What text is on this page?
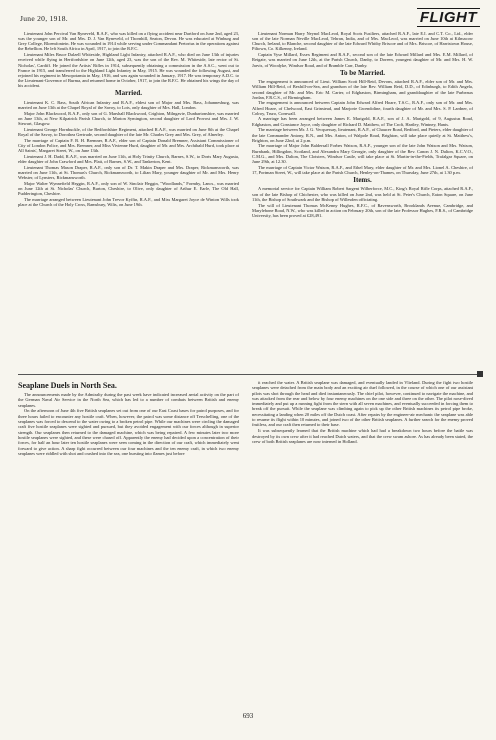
June 20, 1918.	FLIGHT

Lieutenant John Percival Van Ryneveld, R.A.F., who was killed on a flying accident near Dartford on June 2nd, aged 23, was the younger son of Mr. and Mrs. D. J. Van Ryneveld, of Thornhill, Seaton, Devon. He was educated at Winburg and Grey College, Bloemfontein. He was wounded in 1914 while serving under Commandant Pretorius in the operations against the Rebellion. He left South Africa in April, 1917, to join the R.F.C.

Lieutenant Miles Bruce Dalzell Whiteside, Highland Light Infantry, attached R.A.F., who died on June 13th of injuries received while flying in Hertfordshire on June 12th, aged 23, was the son of the Rev. M. Whiteside, late rector of St. Nicholas', Cardiff. He joined the Artists' Rifles in 1914, subsequently obtaining a commission in the A.S.C., went out to France in 1915, and transferred to the Highland Light Infantry in May, 1915. He was wounded the following August, and rejoined his regiment in Mesopotamia in May, 1916, and was again wounded in January, 1917. He was temporary A.D.C. to the Lieutenant-Governor of Burma, and returned home in October, 1917, to join the R.F.C. He obtained his wings the day of his accident.

Married.

Lieutenant K. C. Bass, South African Infantry and R.A.F., eldest son of Major and Mrs. Bass, Johannesburg, was married on June 13th at the Chapel Royal of the Savoy, to Lois, only daughter of Mrs. Hall, London.

Major John Blackwood, R.A.F., only son of G. Marshall Blackwood, Crighton, Milngavie, Dunbartonshire, was married on June 13th, at New Kilpatrick Parish Church, to Marion Symington, second daughter of Lord Provost and Mrs. J. W. Stewart, Glasgow.

Lieutenant George Hornbuckle, of the Bedfordshire Regiment, attached R.A.F., was married on June 8th at the Chapel Royal of the Savoy, to Dorothea Gertrude, second daughter of the late Mr. Charles Grey and Mrs. Grey, of Alnerley.

The marriage of Captain F. B. H. Bremner, R.A.F., elder son of Captain Donald Bremner, Assistant Commissioner of City of London Police, and Mrs. Bremner, and Miss Vivienne Hurd, daughter of Mr. and Mrs. Archibald Hurd, took place at All Saints', Margaret Street, W., on June 13th.

Lieutenant J. H. Dadd, R.A.F., was married on June 11th, at Holy Trinity Church, Barnes, S.W., to Doris Mary Augusta, elder daughter of John Crawford and Mrs. Platt, of Barnes, S.W., and Tankerton, Kent.

Lieutenant Thomas Mason Draper, R.A.F., only son of Dr. T. Makin Draper and Mrs. Draper, Rickmansworth, was married on June 11th, at St. Thomas's Church, Rickmansworth, to Lilian Mary, younger daughter of Mr. and Mrs. Henry Webster, of Lynsters, Rickmansworth.

Major Walter Wynnefield Heggin, R.A.F., only son of W. Sinclair Heggin, "Woodlands," Formby, Lancs., was married on June 12th at St. Nicholas' Church, Burton, Cheshire, to Olive, only daughter of Arthur E. Earle, The Old Hall, Pudderington, Cheshire.

The marriage arranged between Lieutenant John Trevor Kyffin, R.A.F., and Miss Margaret Joyce de Winton Wills took place at the Church of the Holy Cross, Ramsbury, Wilts, on June 19th.

Lieutenant Norman Harry Neynol MacLeod, Royal Scots Fusiliers, attached R.A.F., late E.I. and C.T. Co., Ltd., elder son of the late Norman Neville MacLeod, Tehran, India, and of Mrs. MacLeod, was married on June 10th at Kilmacow Church, Ireland, to Blanche, second daughter of the late Edward Whitby Briscoe and of Mrs. Briscoe, of Harristown House, Piltown, Co. Kilkenny, Ireland.

Captain Vyse Millard, Essex Regiment and R.A.F., second son of the late Edward Millard and Mrs. E.M. Millard, of Reigate, was married on June 12th, at the Parish Church, Danby, to Doreen, youngest daughter of Mr. and Mrs. H. W. Jarvis, of Woodyke, Windsor Road, and of Bramble Carr, Danby.

To be Married.

The engagement is announced of Lieut. William Scott Hill-Reid, Devons, attached R.A.F., elder son of Mr. and Mrs. William Hill-Reid, of Bexhill-on-Sea, and grandson of the late Rev. William Reid, D.D., of Edinburgh, to Edith Angela, second daughter of Mr. and Mrs. Eric M. Carter, of Edgbaston, Birmingham, and granddaughter of the late Purbeaux Jordan, F.R.C.S., of Birmingham.

The engagement is announced between Captain John Edward Alfred Hoare, T.S.C., R.A.F., only son of Mr. and Mrs. Alfred Hoare, of Chelwood, East Grinstead, and Marjorie Gwendoline, fourth daughter of Mr. and Mrs. S. P. Lardner, of Colroy, Truro, Cornwall.

A marriage has been arranged between James E. Marigold, R.A.F., son of J. A. Marigold, of 9, Augustus Road, Edgbaston, and Constance Joyce, only daughter of Richard D. Matthew, of The Croft, Hartley, Wintney, Hants.

The marriage between Mr. J. G. Vecquessay, lieutenant, R.A.F., of Chaucer Road, Bedford, and Pieters, elder daughter of the late Commander Antony, R.N., and Mrs. Anton, of Walpole Road, Brighton, will take place quietly at St. Matthew's, Brighton, on June 22nd, at 2 p.m.

The marriage of Major John Baldersall Forbes Watson, R.A.F., younger son of the late John Watson and Mrs. Watson, Burnbank, Hillingdon, Scotland, and Alexandra Mary Georgie, only daughter of the Rev. Canon J. N. Dalton, K.C.V.O., C.M.G., and Mrs. Dalton, The Cloisters, Windsor Castle, will take place at St. Martin-in-the-Fields, Trafalgar Square, on June 29th, at 12.30.

The marriage of Captain Victor Watson, R.A.F., and Ethel Mary, elder daughter of Mr. and Mrs. Lionel A. Cheshire, of 17, Portman Street, W., will take place at the Parish Church, Henley-on-Thames, on Thursday, June 27th, at 1.30 p.m.

Items.

A memorial service for Captain William Robert Sargent Wilberforce, M.C., King's Royal Rifle Corps, attached R.A.F., son of the late Bishop of Chichester, who was killed on June 2nd, was held at St. Peter's Church, Eaton Square, on June 11th, the Bishop of Southwark and the Bishop of Willesden officiating.

The will of Lieutenant Thomas McKenny Hughes, R.F.C., of Ravensworth, Brooklands Avenue, Cambridge, and Marylebone Road, N.W., who was killed in action on February 20th, son of the late Professor Hughes, F.R.S., of Cambridge University, has been proved at £28,491.

Seaplane Duels in North Sea.

The announcements made by the Admiralty during the past week have indicated increased aerial activity on the part of the German Naval Air Service in the North Sea, which has led to a number of combats between British and enemy seaplanes.

On the afternoon of June 4th five British seaplanes set out from one of our East Coast bases for patrol purposes, and for three hours failed to encounter any hostile craft. When, however, the patrol was some distance off Terschelling, one of the seaplanes was forced to descend to the water owing to a broken petrol pipe. While our machines were circling the damaged craft five hostile seaplanes were sighted and pursued, but they avoided engagement with our forces although in superior strength. Our seaplanes then returned to the damaged machine, which was being repaired. A few minutes later two more hostile seaplanes were sighted, and these were chased off. Apparently the enemy had decided upon a concentration of their forces, for half an hour later ten hostile seaplanes were seen coming in the direction of our craft, which immediately went forward to give action. A sharp fight occurred between our four machines and the ten enemy craft, in which two enemy seaplanes were riddled with shot and crashed into the sea, one bursting into flames just before

it reached the water. A British seaplane was damaged, and eventually landed in Vlieland. During the fight two hostile seaplanes were detached from the main body and an exciting air duel followed, in the course of which one of our assistant pilots was shot through the head and died instantaneously. The chief pilot, however, continued to navigate the machine, and was attacked from the rear and below by four enemy machines on the one side and three on the other. The pilot nose-dived immediately and put up a running fight from the stern with all seven machines, and eventually succeeded in forcing them to break off the pursuit. While the seaplane was climbing again to pick up the other British machines its petrol pipe broke, necessitating a landing when 20 miles off the Dutch coast. After repairs by the engineer-air mechanic the seaplane was able to resume its flight within 10 minutes, and joined two of the other British seaplanes. A further search for the enemy proved fruitless, and our craft then returned to their base.

It was subsequently learned that the British machine which had had a breakdown two hours before the battle was destroyed by its own crew after it had reached Dutch waters, and that the crew swam ashore. As has already been stated, the crew of both British seaplanes are now interned in Holland.

693
